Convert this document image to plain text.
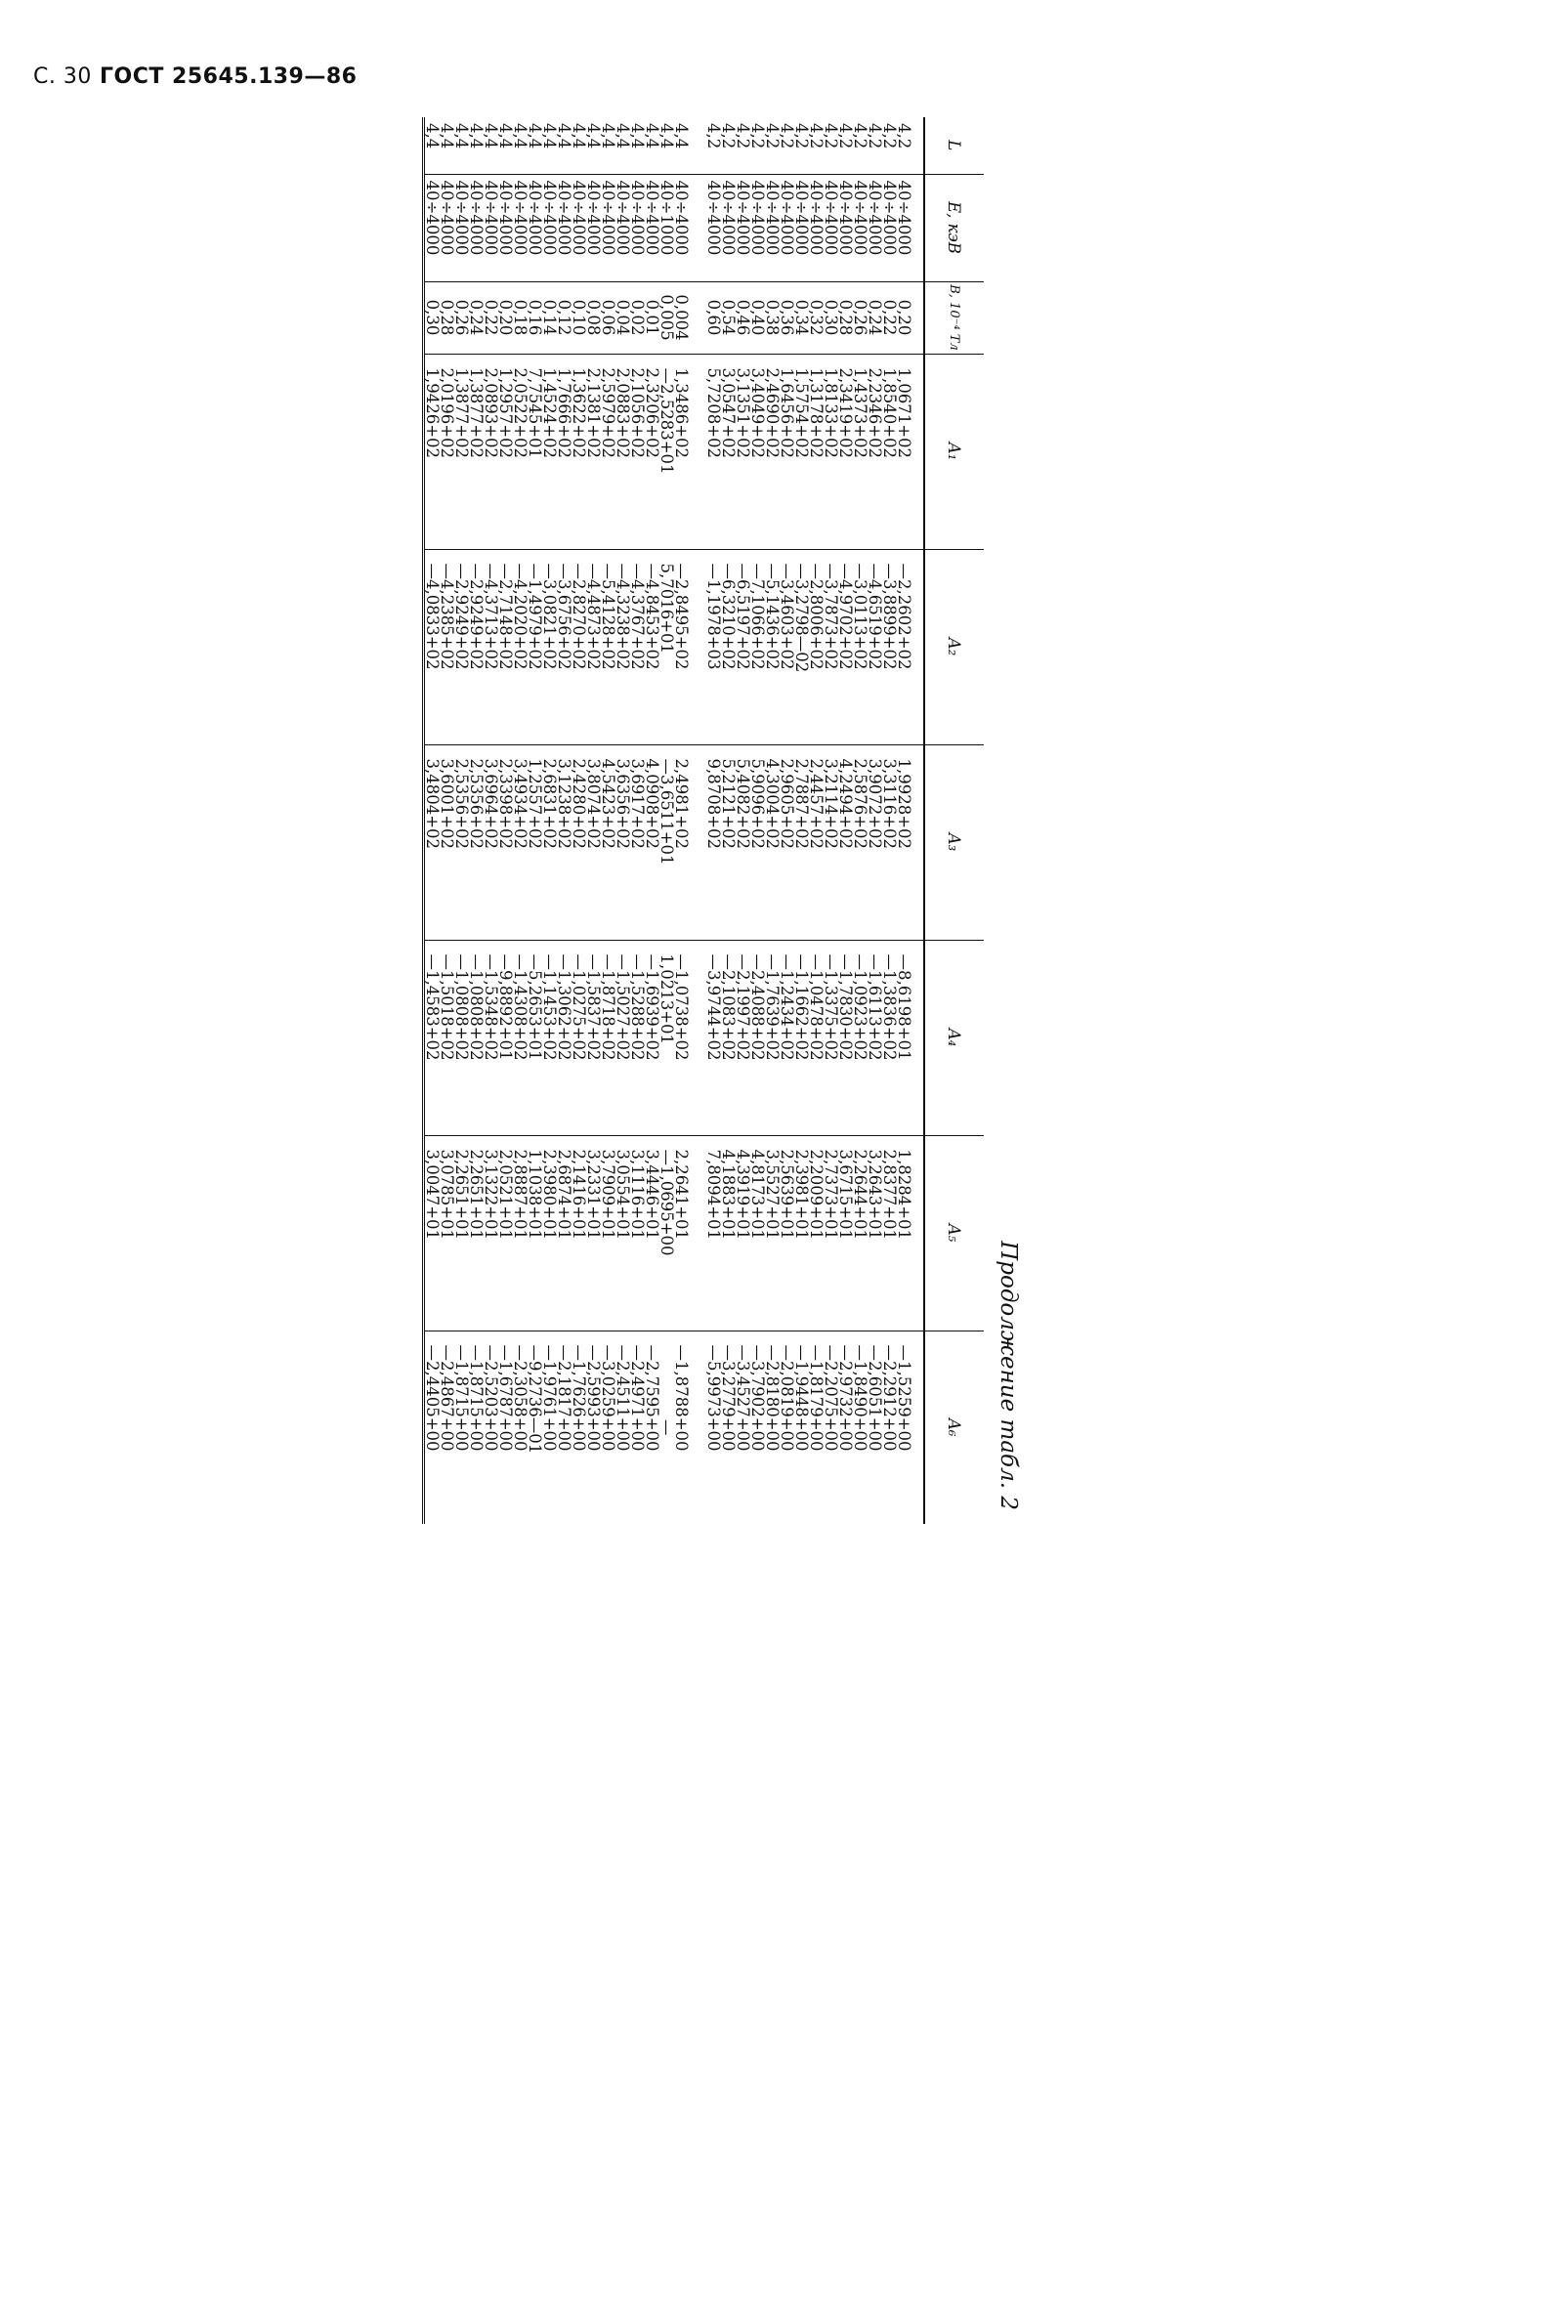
С. 30 ГОСТ 25645.139—86
Продолжение табл. 2
L	E, кэВ	B, 10⁻⁴ Тл	A₁	A₂	A₃	A₄	A₅	A₆
4,2	40÷4000	0,20	1,0671+02	—2,2602+02	1,9928+02	—8,6198+01	1,8284+01	—1,5259+00
4,2	40÷4000	0,22	1,8540+02	—3,8899+02	3,3116+02	—1,3836+02	2,8377+01	—2,2912+00
4,2	40÷4000	0,24	2,2346+02	—4,6519+02	3,9072+02	—1,6113+02	3,2643+01	—2,6051+00
4,2	40÷4000	0,26	1,4373+02	—3,0113+02	2,5876+02	—1,0923+02	2,2644+01	—1,8490+00
4,2	40÷4000	0,28	2,3419+02	—4,9702+02	4,2494+02	—1,7830+02	3,6715+01	—2,9732+00
4,2	40÷4000	0,30	1,8133+02	—3,7873+02	3,2114+02	—1,3375+02	2,7373+01	—2,2075+00
4,2	40÷4000	0,32	1,3178+02	—2,8006+02	2,4457+02	—1,0478+02	2,2009+01	—1,8179+00
4,2	40÷4000	0,34	1,5754+02	—3,2798—02	2,7887+02	—1,1662+02	2,3981+01	—1,9448+00
4,2	40÷4000	0,36	1,6456+02	—3,4603+02	2,9605+02	—1,2434+02	2,5639+01	—2,0819+00
4,2	40÷4000	0,38	2,4690+02	—5,1436+02	4,3004+02	—1,7639+02	3,5527+01	—2,8180+00
4,2	40÷4000	0,40	3,4049+02	—7,1066+02	5,9096+02	—2,4088+02	4,8173+01	—3,7902+00
4,2	40÷4000	0,46	3,1351+02	—6,5197+02	5,4082+02	—2,1997+02	4,3919+01	—3,4527+00
4,2	40÷4000	0,54	3,0547+02	—6,3210+02	5,2121+02	—2,1083+02	4,1883+01	—3,2779+00
4,2	40÷4000	0,60	5,7208+02	—1,1978+03	9,8708+02	—3,9744+02	7,8094+01	—5,9973+00

4,4	40÷4000	0,004	1,3486+02	—2,8495+02	2,4981+02	—1,0738+02	2,2641+01	—1,8788+00
4,4	40÷1000	0,005	—2,5283+01	5,7016+01	—3,6511+01	1,0213+01	—1,0695+00	—
4,4	40÷4000	0,01	2,3206+02	—4,8453+02	4,0908+02	—1,6939+02	3,4446+01	—2,7595+00
4,4	40÷4000	0,02	2,1056+02	—4,3767+02	3,6917+02	—1,5288+02	3,1116+01	—2,4971+00
4,4	40÷4000	0,04	2,0883+02	—4,3238+02	3,6356+02	—1,5027+02	3,0554+01	—2,4511+00
4,4	40÷4000	0,06	2,5979+02	—5,4128+02	4,5423+02	—1,8718+02	3,7909+01	—3,0259+00
4,4	40÷4000	0,08	2,1381+02	—4,4873+02	3,8074+02	—1,5837+02	3,2331+01	—2,5993+00
4,4	40÷4000	0,10	1,3622+02	—2,8270+02	2,4280+02	—1,0275+02	2,1416+01	—1,7626+00
4,4	40÷4000	0,12	1,7666+02	—3,6756+02	3,1238+02	—1,3062+02	2,6874+01	—2,1817+00
4,4	40÷4000	0,14	1,4524+02	—3,0821+02	2,6831+02	—1,1453+02	2,3980+01	—1,9761+00
4,4	40÷4000	0,16	7,7545+01	—1,4979+02	1,2557+02	—5,2653+01	1,1038+01	—9,2736—01
4,4	40÷4000	0,18	2,0522+02	—4,2020+02	3,4934+02	—1,4308+02	2,8887+01	—2,3058+00
4,4	40÷4000	0,20	1,2957+02	—2,7148+02	2,3398+02	—9,8892+01	2,0521+01	—1,6787+00
4,4	40÷4000	0,22	2,0893+02	—4,3713+02	3,6964+02	—1,5348+02	3,1322+01	—2,5203+00
4,4	40÷4000	0,24	1,3877+02	—2,9249+02	2,5356+02	—1,0808+02	2,2651+01	—1,8715+00
4,4	40÷4000	0,26	1,3877+02	—2,9249+02	2,5356+02	—1,0808+02	2,2651+01	—1,8715+00
4,4	40÷4000	0,28	2,0196+02	—4,2385+02	3,6001+02	—1,5018+02	3,0785+01	—2,4867+00
4,4	40÷4000	0,30	1,9426+02	—4,0833+02	3,4804+02	—1,4583+02	3,0047+01	—2,4405+00
